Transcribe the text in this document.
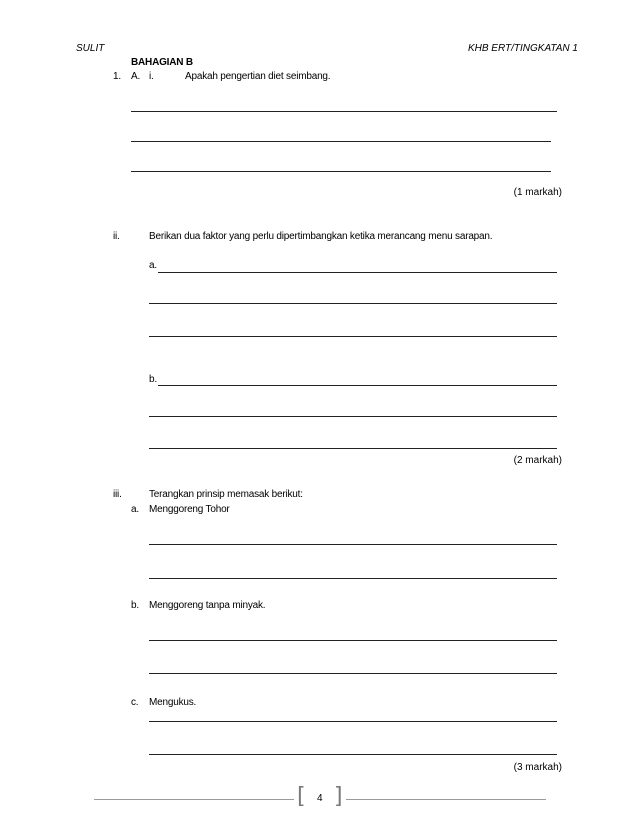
SULIT	KHB ERT/TINGKATAN 1
BAHAGIAN B
1. A. i.	Apakah pengertian diet seimbang.
(1 markah)
ii.	Berikan dua faktor yang perlu dipertimbangkan ketika merancang menu sarapan.
a.
b.
(2 markah)
iii.	Terangkan prinsip memasak berikut:
a. Menggoreng Tohor
b. Menggoreng tanpa minyak.
c. Mengukus.
(3 markah)
[ ]
4
